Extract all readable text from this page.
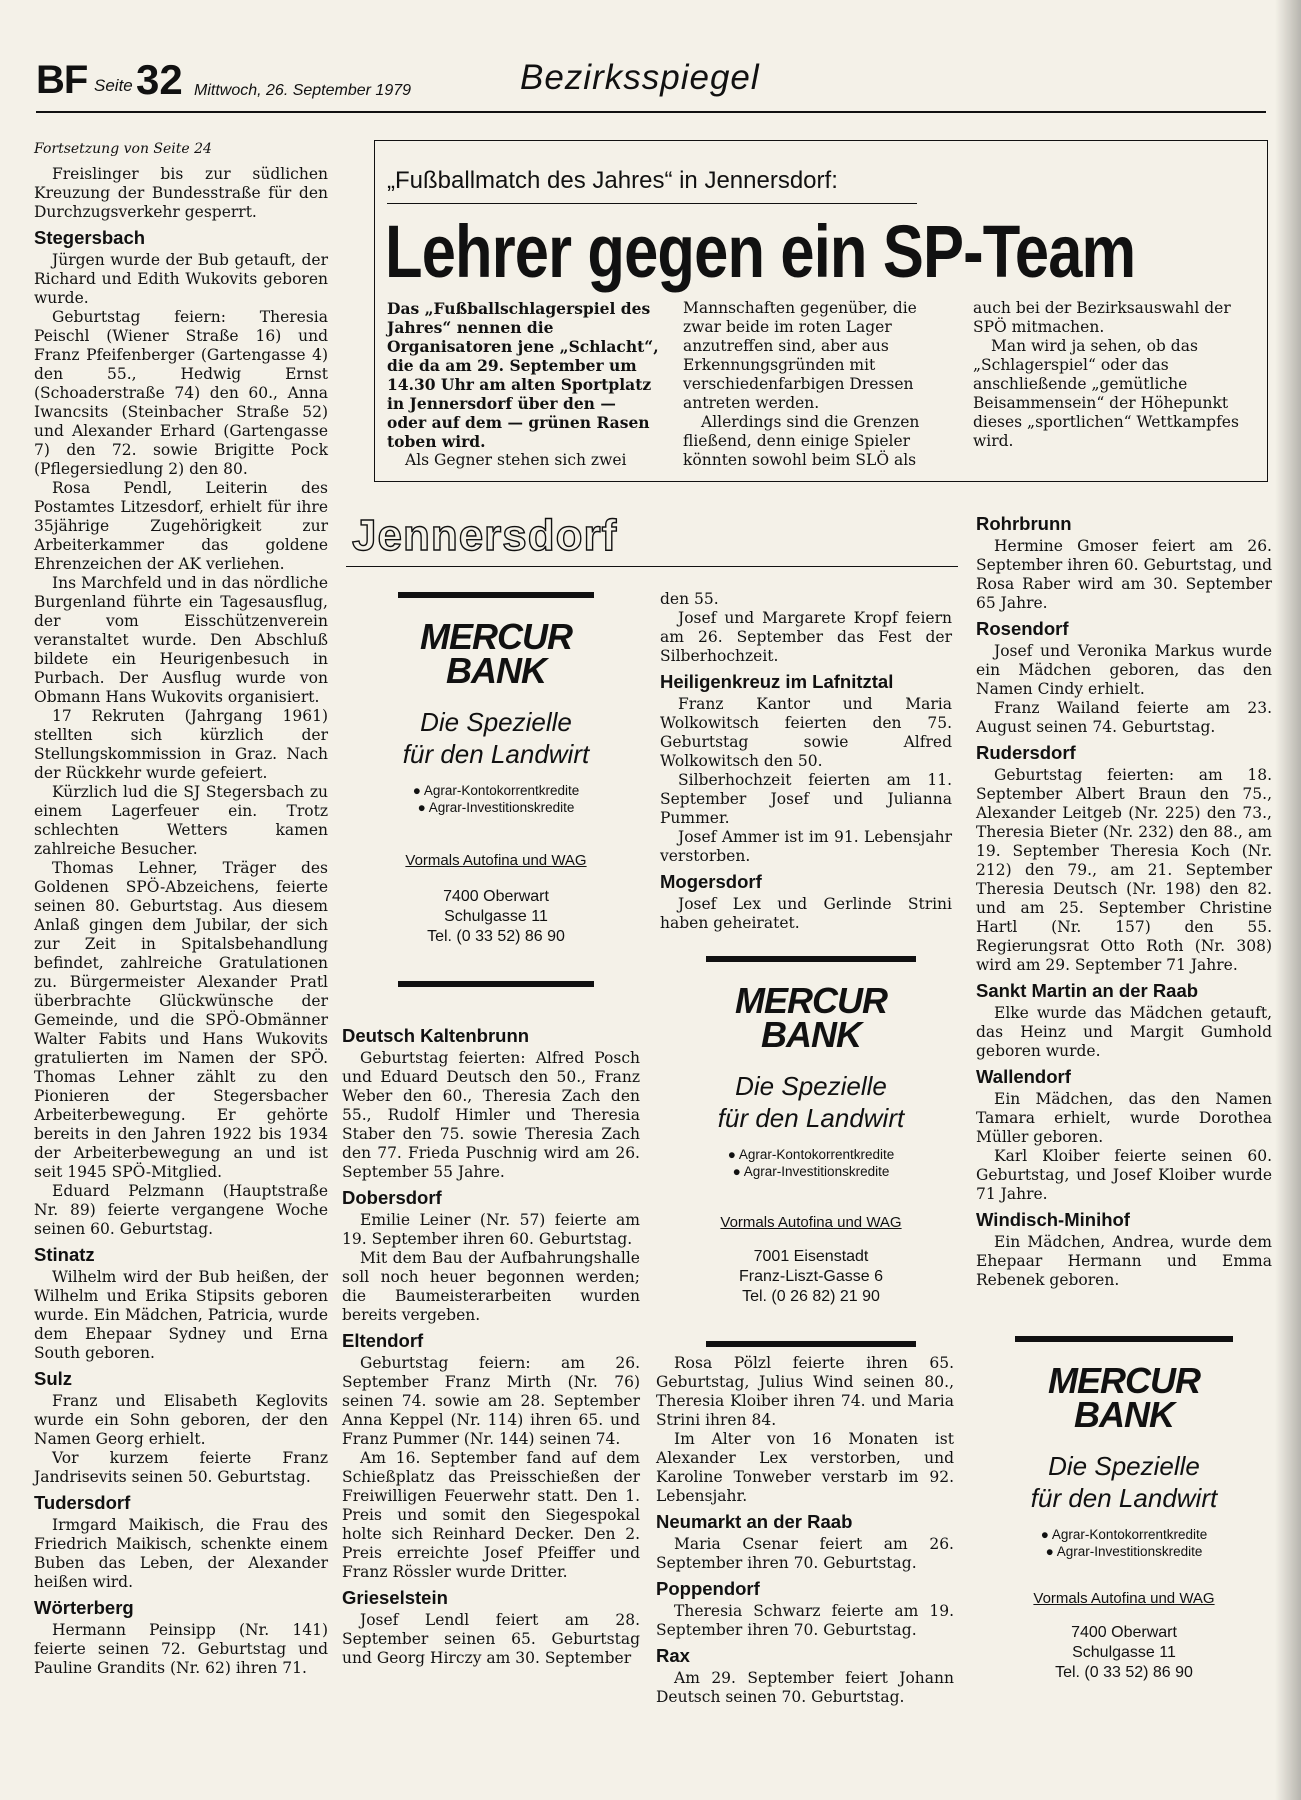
BF Seite 32 Mittwoch, 26. September 1979	Bezirksspiegel
Fortsetzung von Seite 24

Freislinger bis zur südlichen Kreuzung der Bundesstraße für den Durchzugsverkehr gesperrt.

Stegersbach

Jürgen wurde der Bub getauft, der Richard und Edith Wukovits geboren wurde.

Geburtstag feiern: Theresia Peischl (Wiener Straße 16) und Franz Pfeifenberger (Gartengasse 4) den 55., Hedwig Ernst (Schoaderstraße 74) den 60., Anna Iwancsits (Steinbacher Straße 52) und Alexander Erhard (Gartengasse 7) den 72. sowie Brigitte Pock (Pflegersiedlung 2) den 80.

Rosa Pendl, Leiterin des Postamtes Litzesdorf, erhielt für ihre 35jährige Zugehörigkeit zur Arbeiterkammer das goldene Ehrenzeichen der AK verliehen.

Ins Marchfeld und in das nördliche Burgenland führte ein Tagesausflug, der vom Eisschützenverein veranstaltet wurde. Den Abschluß bildete ein Heurigenbesuch in Purbach. Der Ausflug wurde von Obmann Hans Wukovits organisiert.

17 Rekruten (Jahrgang 1961) stellten sich kürzlich der Stellungskommission in Graz. Nach der Rückkehr wurde gefeiert.

Kürzlich lud die SJ Stegersbach zu einem Lagerfeuer ein. Trotz schlechten Wetters kamen zahlreiche Besucher.

Thomas Lehner, Träger des Goldenen SPÖ-Abzeichens, feierte seinen 80. Geburtstag. Aus diesem Anlaß gingen dem Jubilar, der sich zur Zeit in Spitalsbehandlung befindet, zahlreiche Gratulationen zu. Bürgermeister Alexander Pratl überbrachte Glückwünsche der Gemeinde, und die SPÖ-Obmänner Walter Fabits und Hans Wukovits gratulierten im Namen der SPÖ. Thomas Lehner zählt zu den Pionieren der Stegersbacher Arbeiterbewegung. Er gehörte bereits in den Jahren 1922 bis 1934 der Arbeiterbewegung an und ist seit 1945 SPÖ-Mitglied.

Eduard Pelzmann (Hauptstraße Nr. 89) feierte vergangene Woche seinen 60. Geburtstag.

Stinatz

Wilhelm wird der Bub heißen, der Wilhelm und Erika Stipsits geboren wurde. Ein Mädchen, Patricia, wurde dem Ehepaar Sydney und Erna South geboren.

Sulz

Franz und Elisabeth Keglovits wurde ein Sohn geboren, der den Namen Georg erhielt.

Vor kurzem feierte Franz Jandrisevits seinen 50. Geburtstag.

Tudersdorf

Irmgard Maikisch, die Frau des Friedrich Maikisch, schenkte einem Buben das Leben, der Alexander heißen wird.

Wörterberg

Hermann Peinsipp (Nr. 141) feierte seinen 72. Geburtstag und Pauline Grandits (Nr. 62) ihren 71.

„Fußballmatch des Jahres“ in Jennersdorf:
Lehrer gegen ein SP-Team

Das „Fußballschlagerspiel des Jahres“ nennen die Organisatoren jene „Schlacht“, die da am 29. September um 14.30 Uhr am alten Sportplatz in Jennersdorf über den — oder auf dem — grünen Rasen toben wird.

Als Gegner stehen sich zwei

Mannschaften gegenüber, die zwar beide im roten Lager anzutreffen sind, aber aus Erkennungsgründen mit verschiedenfarbigen Dressen antreten werden.

Allerdings sind die Grenzen fließend, denn einige Spieler könnten sowohl beim SLÖ als

auch bei der Bezirksauswahl der SPÖ mitmachen.

Man wird ja sehen, ob das „Schlagerspiel“ oder das anschließende „gemütliche Beisammensein“ der Höhepunkt dieses „sportlichen“ Wettkampfes wird.

Jennersdorf
MERCUR
BANK
Die Spezielle
für den Landwirt
● Agrar-Kontokorrentkredite
● Agrar-Investitionskredite
Vormals Autofina und WAG
7400 Oberwart
Schulgasse 11
Tel. (0 33 52) 86 90
Deutsch Kaltenbrunn

Geburtstag feierten: Alfred Posch und Eduard Deutsch den 50., Franz Weber den 60., Theresia Zach den 55., Rudolf Himler und Theresia Staber den 75. sowie Theresia Zach den 77. Frieda Puschnig wird am 26. September 55 Jahre.

Dobersdorf

Emilie Leiner (Nr. 57) feierte am 19. September ihren 60. Geburtstag.

Mit dem Bau der Aufbahrungshalle soll noch heuer begonnen werden; die Baumeisterarbeiten wurden bereits vergeben.

Eltendorf

Geburtstag feiern: am 26. September Franz Mirth (Nr. 76) seinen 74. sowie am 28. September Anna Keppel (Nr. 114) ihren 65. und Franz Pummer (Nr. 144) seinen 74.

Am 16. September fand auf dem Schießplatz das Preisschießen der Freiwilligen Feuerwehr statt. Den 1. Preis und somit den Siegespokal holte sich Reinhard Decker. Den 2. Preis erreichte Josef Pfeiffer und Franz Rössler wurde Dritter.

Grieselstein

Josef Lendl feiert am 28. September seinen 65. Geburtstag und Georg Hirczy am 30. September

den 55.

Josef und Margarete Kropf feiern am 26. September das Fest der Silberhochzeit.

Heiligenkreuz im Lafnitztal

Franz Kantor und Maria Wolkowitsch feierten den 75. Geburtstag sowie Alfred Wolkowitsch den 50.

Silberhochzeit feierten am 11. September Josef und Julianna Pummer.

Josef Ammer ist im 91. Lebensjahr verstorben.

Mogersdorf

Josef Lex und Gerlinde Strini haben geheiratet.

MERCUR
BANK
Die Spezielle
für den Landwirt
● Agrar-Kontokorrentkredite
● Agrar-Investitionskredite
Vormals Autofina und WAG
7001 Eisenstadt
Franz-Liszt-Gasse 6
Tel. (0 26 82) 21 90

Rosa Pölzl feierte ihren 65. Geburtstag, Julius Wind seinen 80., Theresia Kloiber ihren 74. und Maria Strini ihren 84.

Im Alter von 16 Monaten ist Alexander Lex verstorben, und Karoline Tonweber verstarb im 92. Lebensjahr.

Neumarkt an der Raab

Maria Csenar feiert am 26. September ihren 70. Geburtstag.

Poppendorf

Theresia Schwarz feierte am 19. September ihren 70. Geburtstag.

Rax

Am 29. September feiert Johann Deutsch seinen 70. Geburtstag.

Rohrbrunn

Hermine Gmoser feiert am 26. September ihren 60. Geburtstag, und Rosa Raber wird am 30. September 65 Jahre.

Rosendorf

Josef und Veronika Markus wurde ein Mädchen geboren, das den Namen Cindy erhielt.

Franz Wailand feierte am 23. August seinen 74. Geburtstag.

Rudersdorf

Geburtstag feierten: am 18. September Albert Braun den 75., Alexander Leitgeb (Nr. 225) den 73., Theresia Bieter (Nr. 232) den 88., am 19. September Theresia Koch (Nr. 212) den 79., am 21. September Theresia Deutsch (Nr. 198) den 82. und am 25. September Christine Hartl (Nr. 157) den 55. Regierungsrat Otto Roth (Nr. 308) wird am 29. September 71 Jahre.

Sankt Martin an der Raab

Elke wurde das Mädchen getauft, das Heinz und Margit Gumhold geboren wurde.

Wallendorf

Ein Mädchen, das den Namen Tamara erhielt, wurde Dorothea Müller geboren.

Karl Kloiber feierte seinen 60. Geburtstag, und Josef Kloiber wurde 71 Jahre.

Windisch-Minihof

Ein Mädchen, Andrea, wurde dem Ehepaar Hermann und Emma Rebenek geboren.

MERCUR
BANK
Die Spezielle
für den Landwirt
● Agrar-Kontokorrentkredite
● Agrar-Investitionskredite
Vormals Autofina und WAG
7400 Oberwart
Schulgasse 11
Tel. (0 33 52) 86 90
